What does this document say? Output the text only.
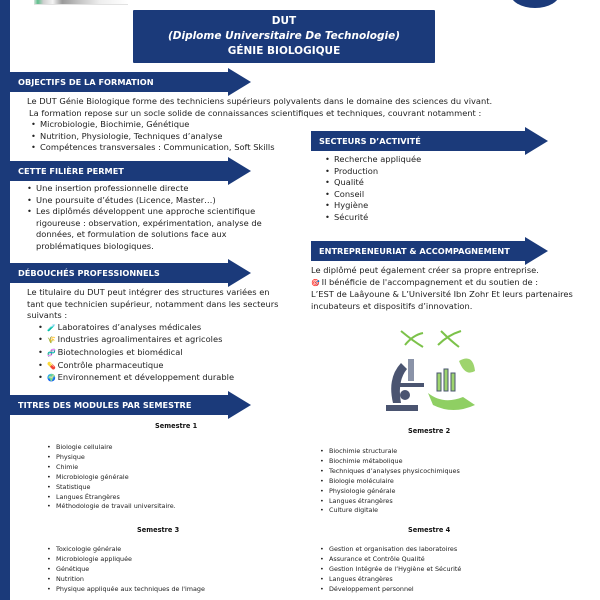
DUT
(Diplome Universitaire De Technologie)
GÉNIE BIOLOGIQUE
OBJECTIFS DE LA FORMATION
Le DUT Génie Biologique forme des techniciens supérieurs polyvalents dans le domaine des sciences du vivant.
La formation repose sur un socle solide de connaissances scientifiques et techniques, couvrant notamment :
• Microbiologie, Biochimie, Génétique
• Nutrition, Physiologie, Techniques d’analyse
• Compétences transversales : Communication, Soft Skills
SECTEURS D’ACTIVITÉ
• Recherche appliquée
• Production
• Qualité
• Conseil
• Hygiène
• Sécurité
CETTE FILIÈRE PERMET
• Une insertion professionnelle directe
• Une poursuite d’études (Licence, Master…)
• Les diplômés développent une approche scientifique rigoureuse : observation, expérimentation, analyse de données, et formulation de solutions face aux problématiques biologiques.
ENTREPRENEURIAT & ACCOMPAGNEMENT
Le diplômé peut également créer sa propre entreprise.
🎯 Il bénéficie de l'accompagnement et du soutien de :
L’EST de Laâyoune & L’Université Ibn Zohr Et leurs partenaires incubateurs et dispositifs d’innovation.
DÉBOUCHÉS PROFESSIONNELS
Le titulaire du DUT peut intégrer des structures variées en tant que technicien supérieur, notamment dans les secteurs suivants :
• 🧪 Laboratoires d’analyses médicales
• 🌾 Industries agroalimentaires et agricoles
• 🧬 Biotechnologies et biomédical
• 💊 Contrôle pharmaceutique
• 🌍 Environnement et développement durable
TITRES DES MODULES PAR SEMESTRE
Semestre 1
• Biologie cellulaire
• Physique
• Chimie
• Microbiologie générale
• Statistique
• Langues Étrangères
• Méthodologie de travail universitaire.
Semestre 2
• Biochimie structurale
• Biochimie métabolique
• Techniques d’analyses physicochimiques
• Biologie moléculaire
• Physiologie générale
• Langues étrangères
• Culture digitale
Semestre 3
• Toxicologie générale
• Microbiologie appliquée
• Génétique
• Nutrition
• Physique appliquée aux techniques de l'image
Semestre 4
• Gestion et organisation des laboratoires
• Assurance et Contrôle Qualité
• Gestion Intégrée de l’Hygiène et Sécurité
• Langues étrangères
• Développement personnel
